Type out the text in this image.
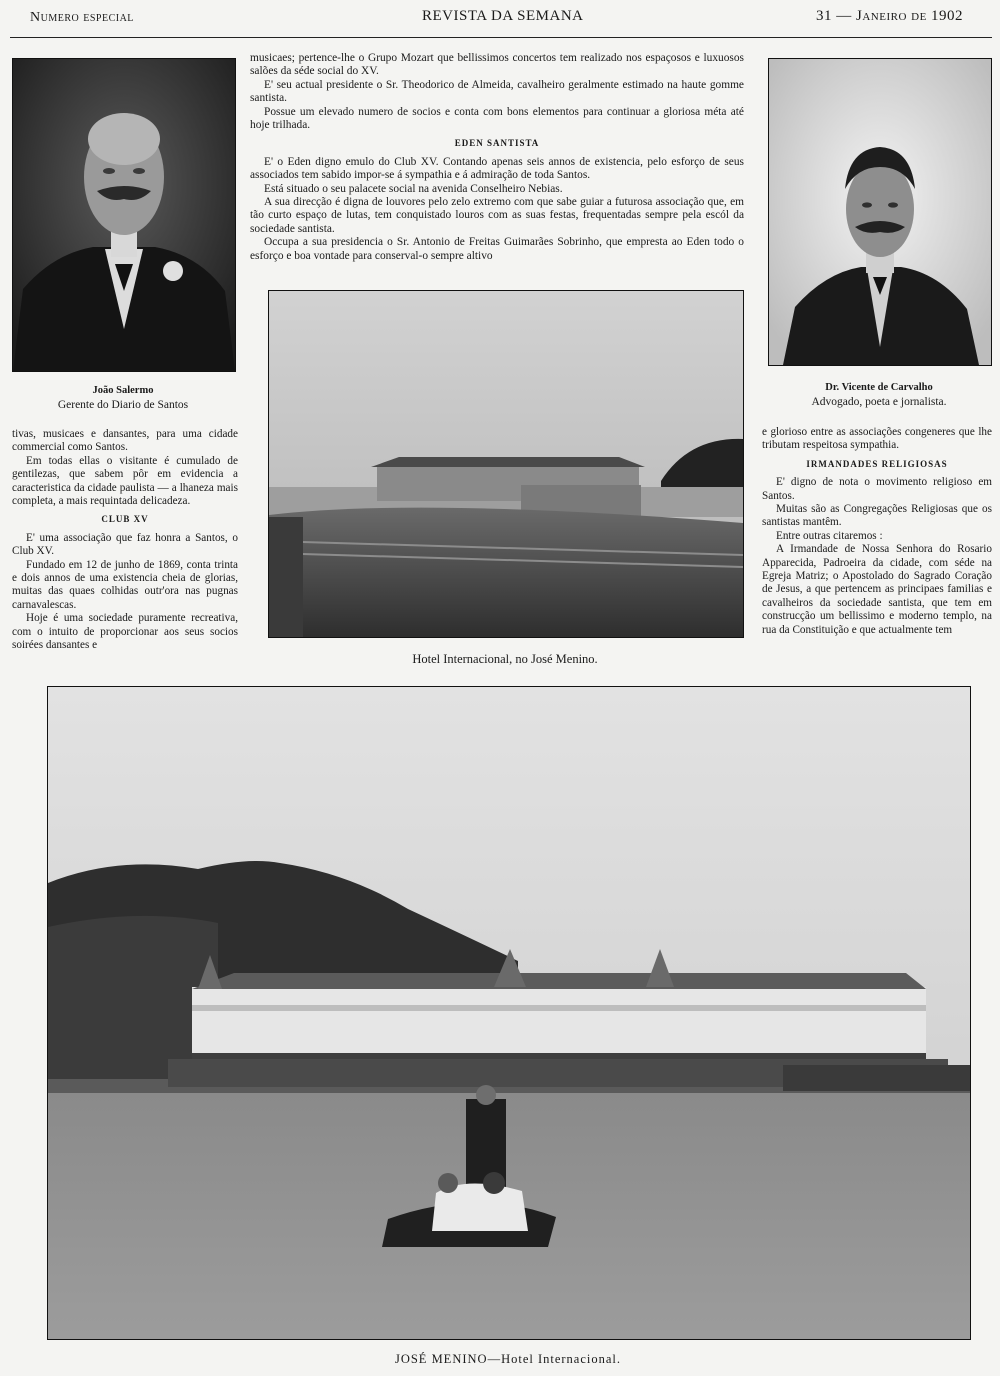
Numero especial	REVISTA DA SEMANA	31 — Janeiro de 1902
João Salermo
Gerente do Diario de Santos
Dr. Vicente de Carvalho
Advogado, poeta e jornalista.

musicaes; pertence-lhe o Grupo Mozart que bellissimos concertos tem realizado nos espaçosos e luxuosos salões da séde social do XV.

E' seu actual presidente o Sr. Theodorico de Almeida, cavalheiro geralmente estimado na haute gomme santista.

Possue um elevado numero de socios e conta com bons elementos para continuar a gloriosa méta até hoje trilhada.

EDEN SANTISTA

E' o Eden digno emulo do Club XV. Contando apenas seis annos de existencia, pelo esforço de seus associados tem sabido impor-se á sympathia e á admiração de toda Santos.

Está situado o seu palacete social na avenida Conselheiro Nebias.

A sua direcção é digna de louvores pelo zelo extremo com que sabe guiar a futurosa associação que, em tão curto espaço de lutas, tem conquistado louros com as suas festas, frequentadas sempre pela escól da sociedade santista.

Occupa a sua presidencia o Sr. Antonio de Freitas Guimarães Sobrinho, que empresta ao Eden todo o esforço e boa vontade para conserval-o sempre altivo

Hotel Internacional, no José Menino.

tivas, musicaes e dansantes, para uma cidade commercial como Santos.

Em todas ellas o visitante é cumulado de gentilezas, que sabem pôr em evidencia a caracteristica da cidade paulista — a lhaneza mais completa, a mais requintada delicadeza.

CLUB XV

E' uma associação que faz honra a Santos, o Club XV.

Fundado em 12 de junho de 1869, conta trinta e dois annos de uma existencia cheia de glorias, muitas das quaes colhidas outr'ora nas pugnas carnavalescas.

Hoje é uma sociedade puramente recreativa, com o intuito de proporcionar aos seus socios soirées dansantes e

e glorioso entre as associações congeneres que lhe tributam respeitosa sympathia.

IRMANDADES RELIGIOSAS

E' digno de nota o movimento religioso em Santos.

Muitas são as Congregações Religiosas que os santistas mantêm.

Entre outras citaremos :

A Irmandade de Nossa Senhora do Rosario Apparecida, Padroeira da cidade, com séde na Egreja Matriz; o Apostolado do Sagrado Coração de Jesus, a que pertencem as principaes familias e cavalheiros da sociedade santista, que tem em construcção um bellissimo e moderno templo, na rua da Constituição e que actualmente tem

JOSÉ MENINO—Hotel Internacional.
